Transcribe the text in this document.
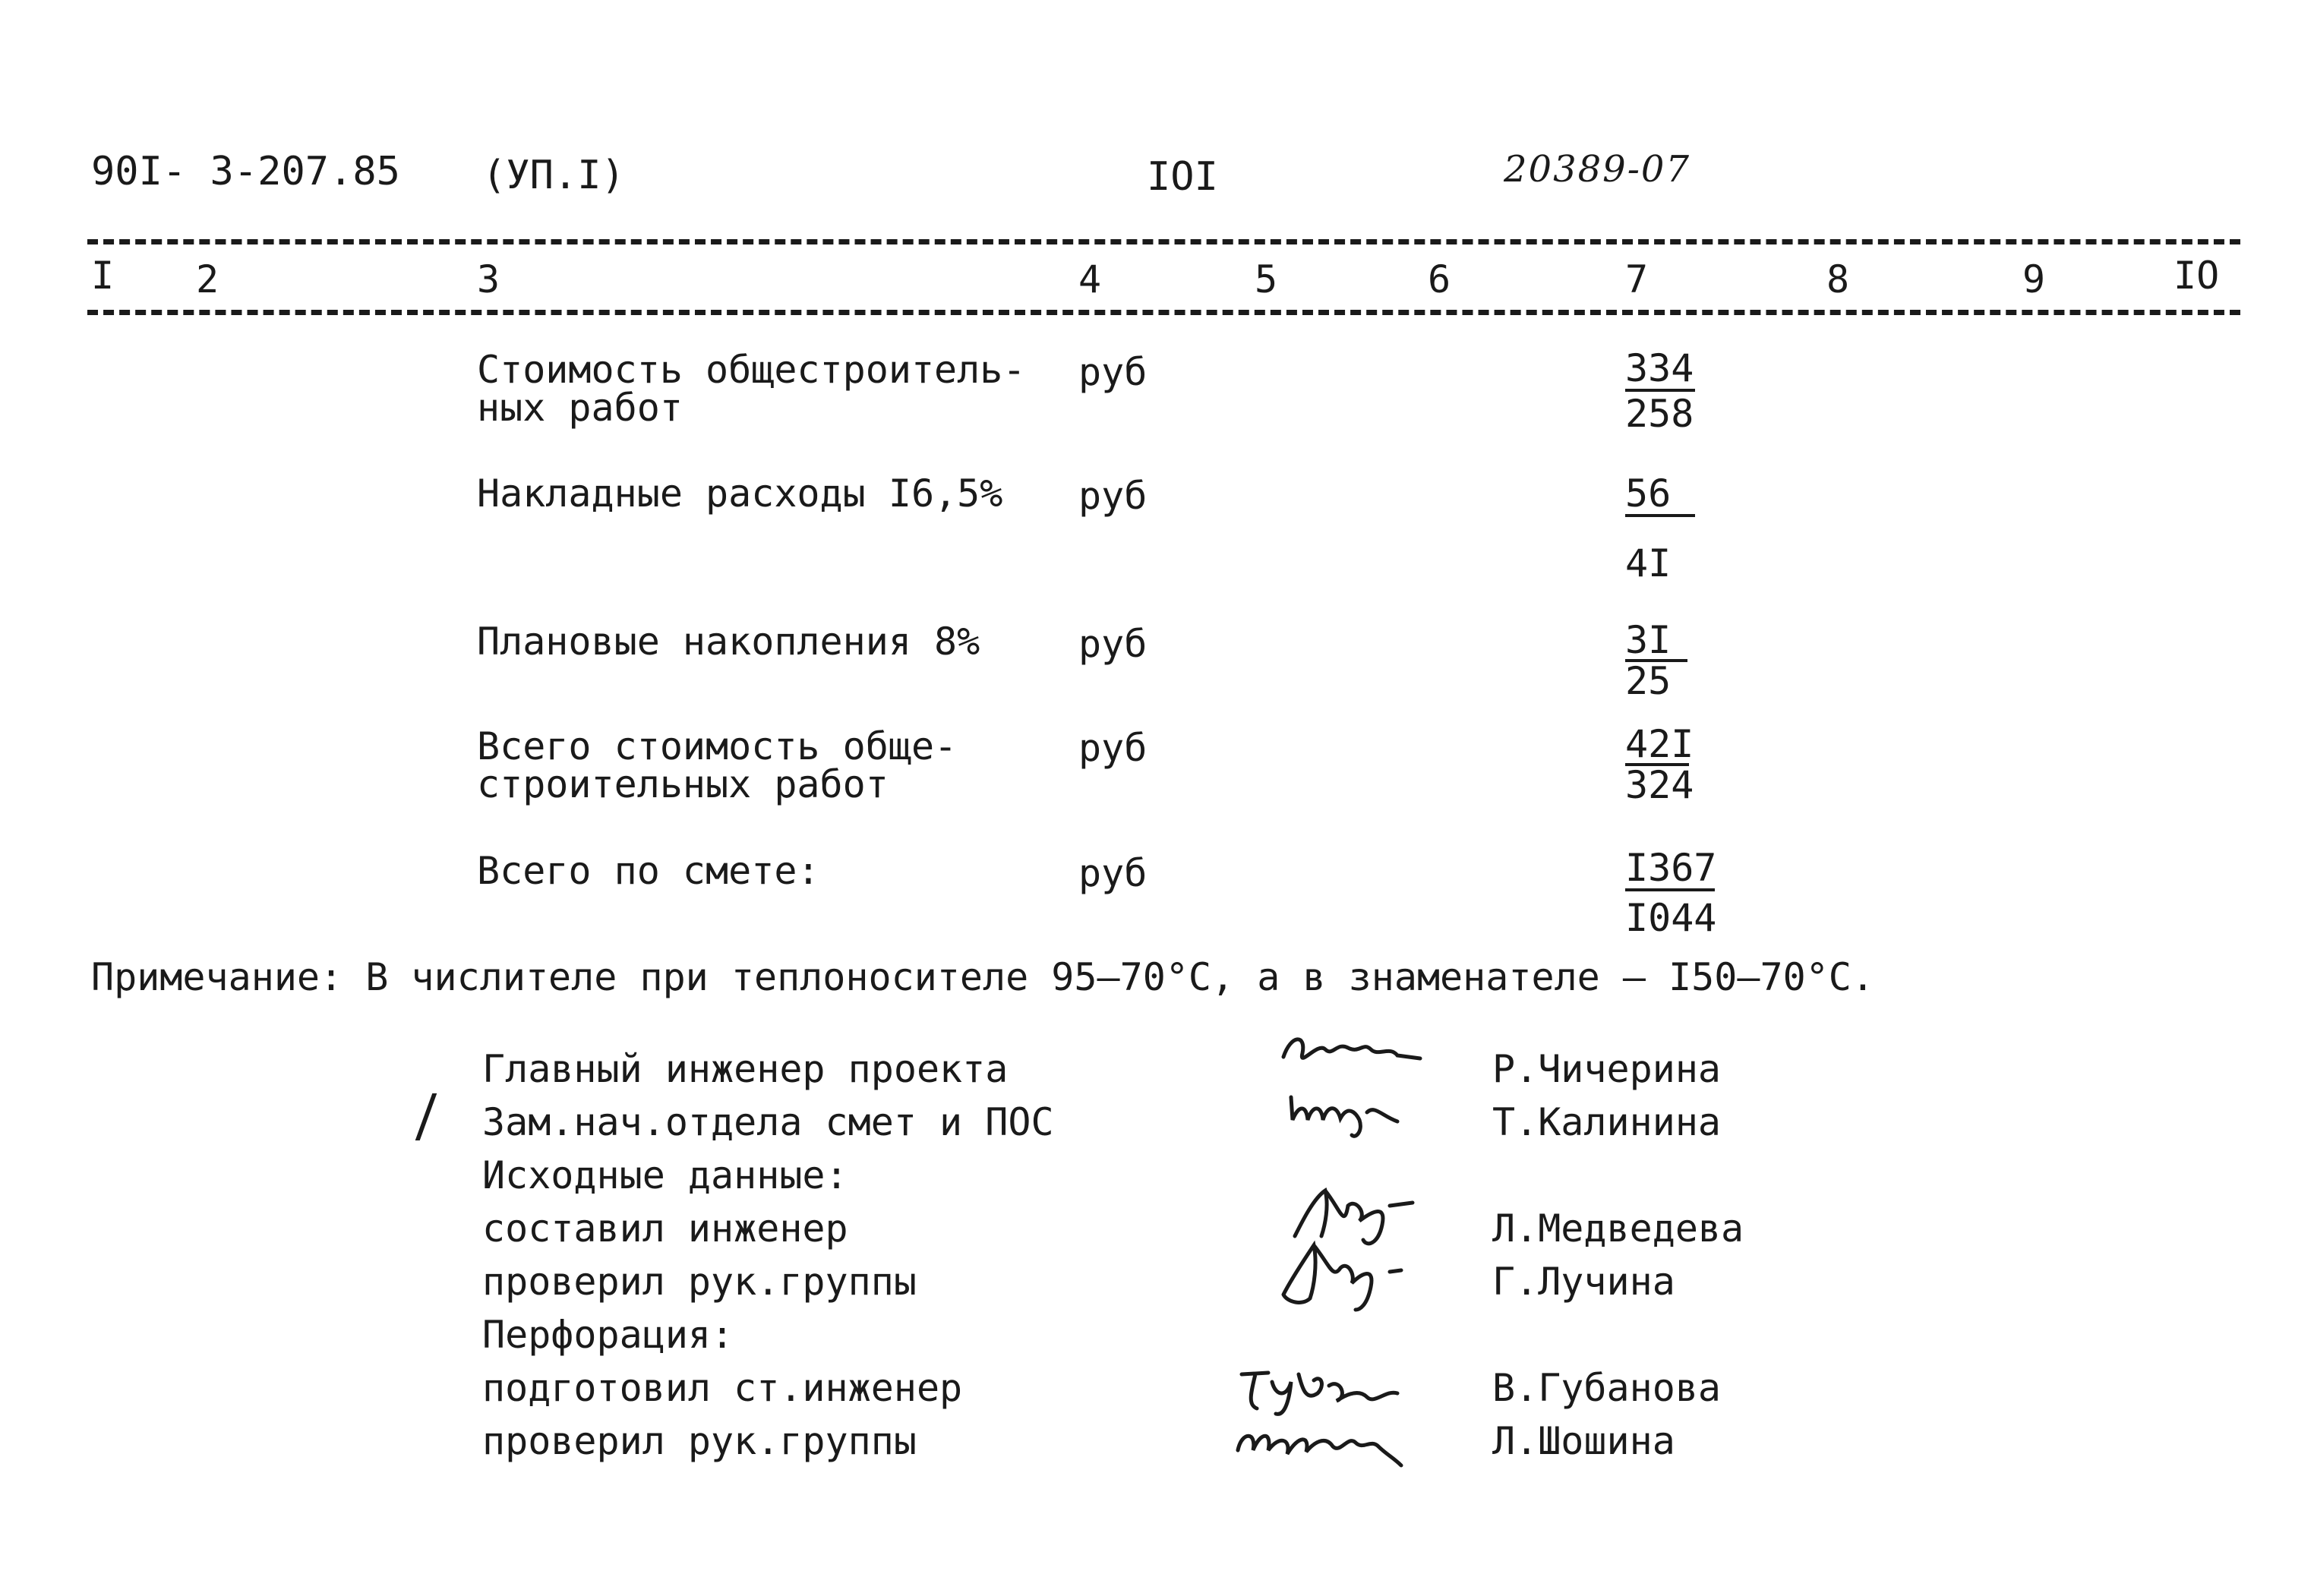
90I- 3-207.85 (УП.I)	IOI	20389-07
I 2	3	4	5	6	7	8	9	IO
Стоимость общестроитель-
ных работ
руб	334
258
Накладные расходы I6,5% руб	56
4I
Плановые накопления 8%	руб	3I
25
Всего стоимость обще-
строительных работ
руб	42I
324
Всего по смете:	руб	I367
I044
Примечание: В числителе при теплоносителе 95–70°С, а в знаменателе – I50–70°С.
Главный инженер проекта	Р.Чичерина
Зам.нач.отдела смет и ПОС	Т.Калинина
Исходные данные:
составил инженер	Л.Медведева
проверил рук.группы	Г.Лучина
Перфорация:
подготовил ст.инженер	В.Губанова
проверил рук.группы	Л.Шошина
